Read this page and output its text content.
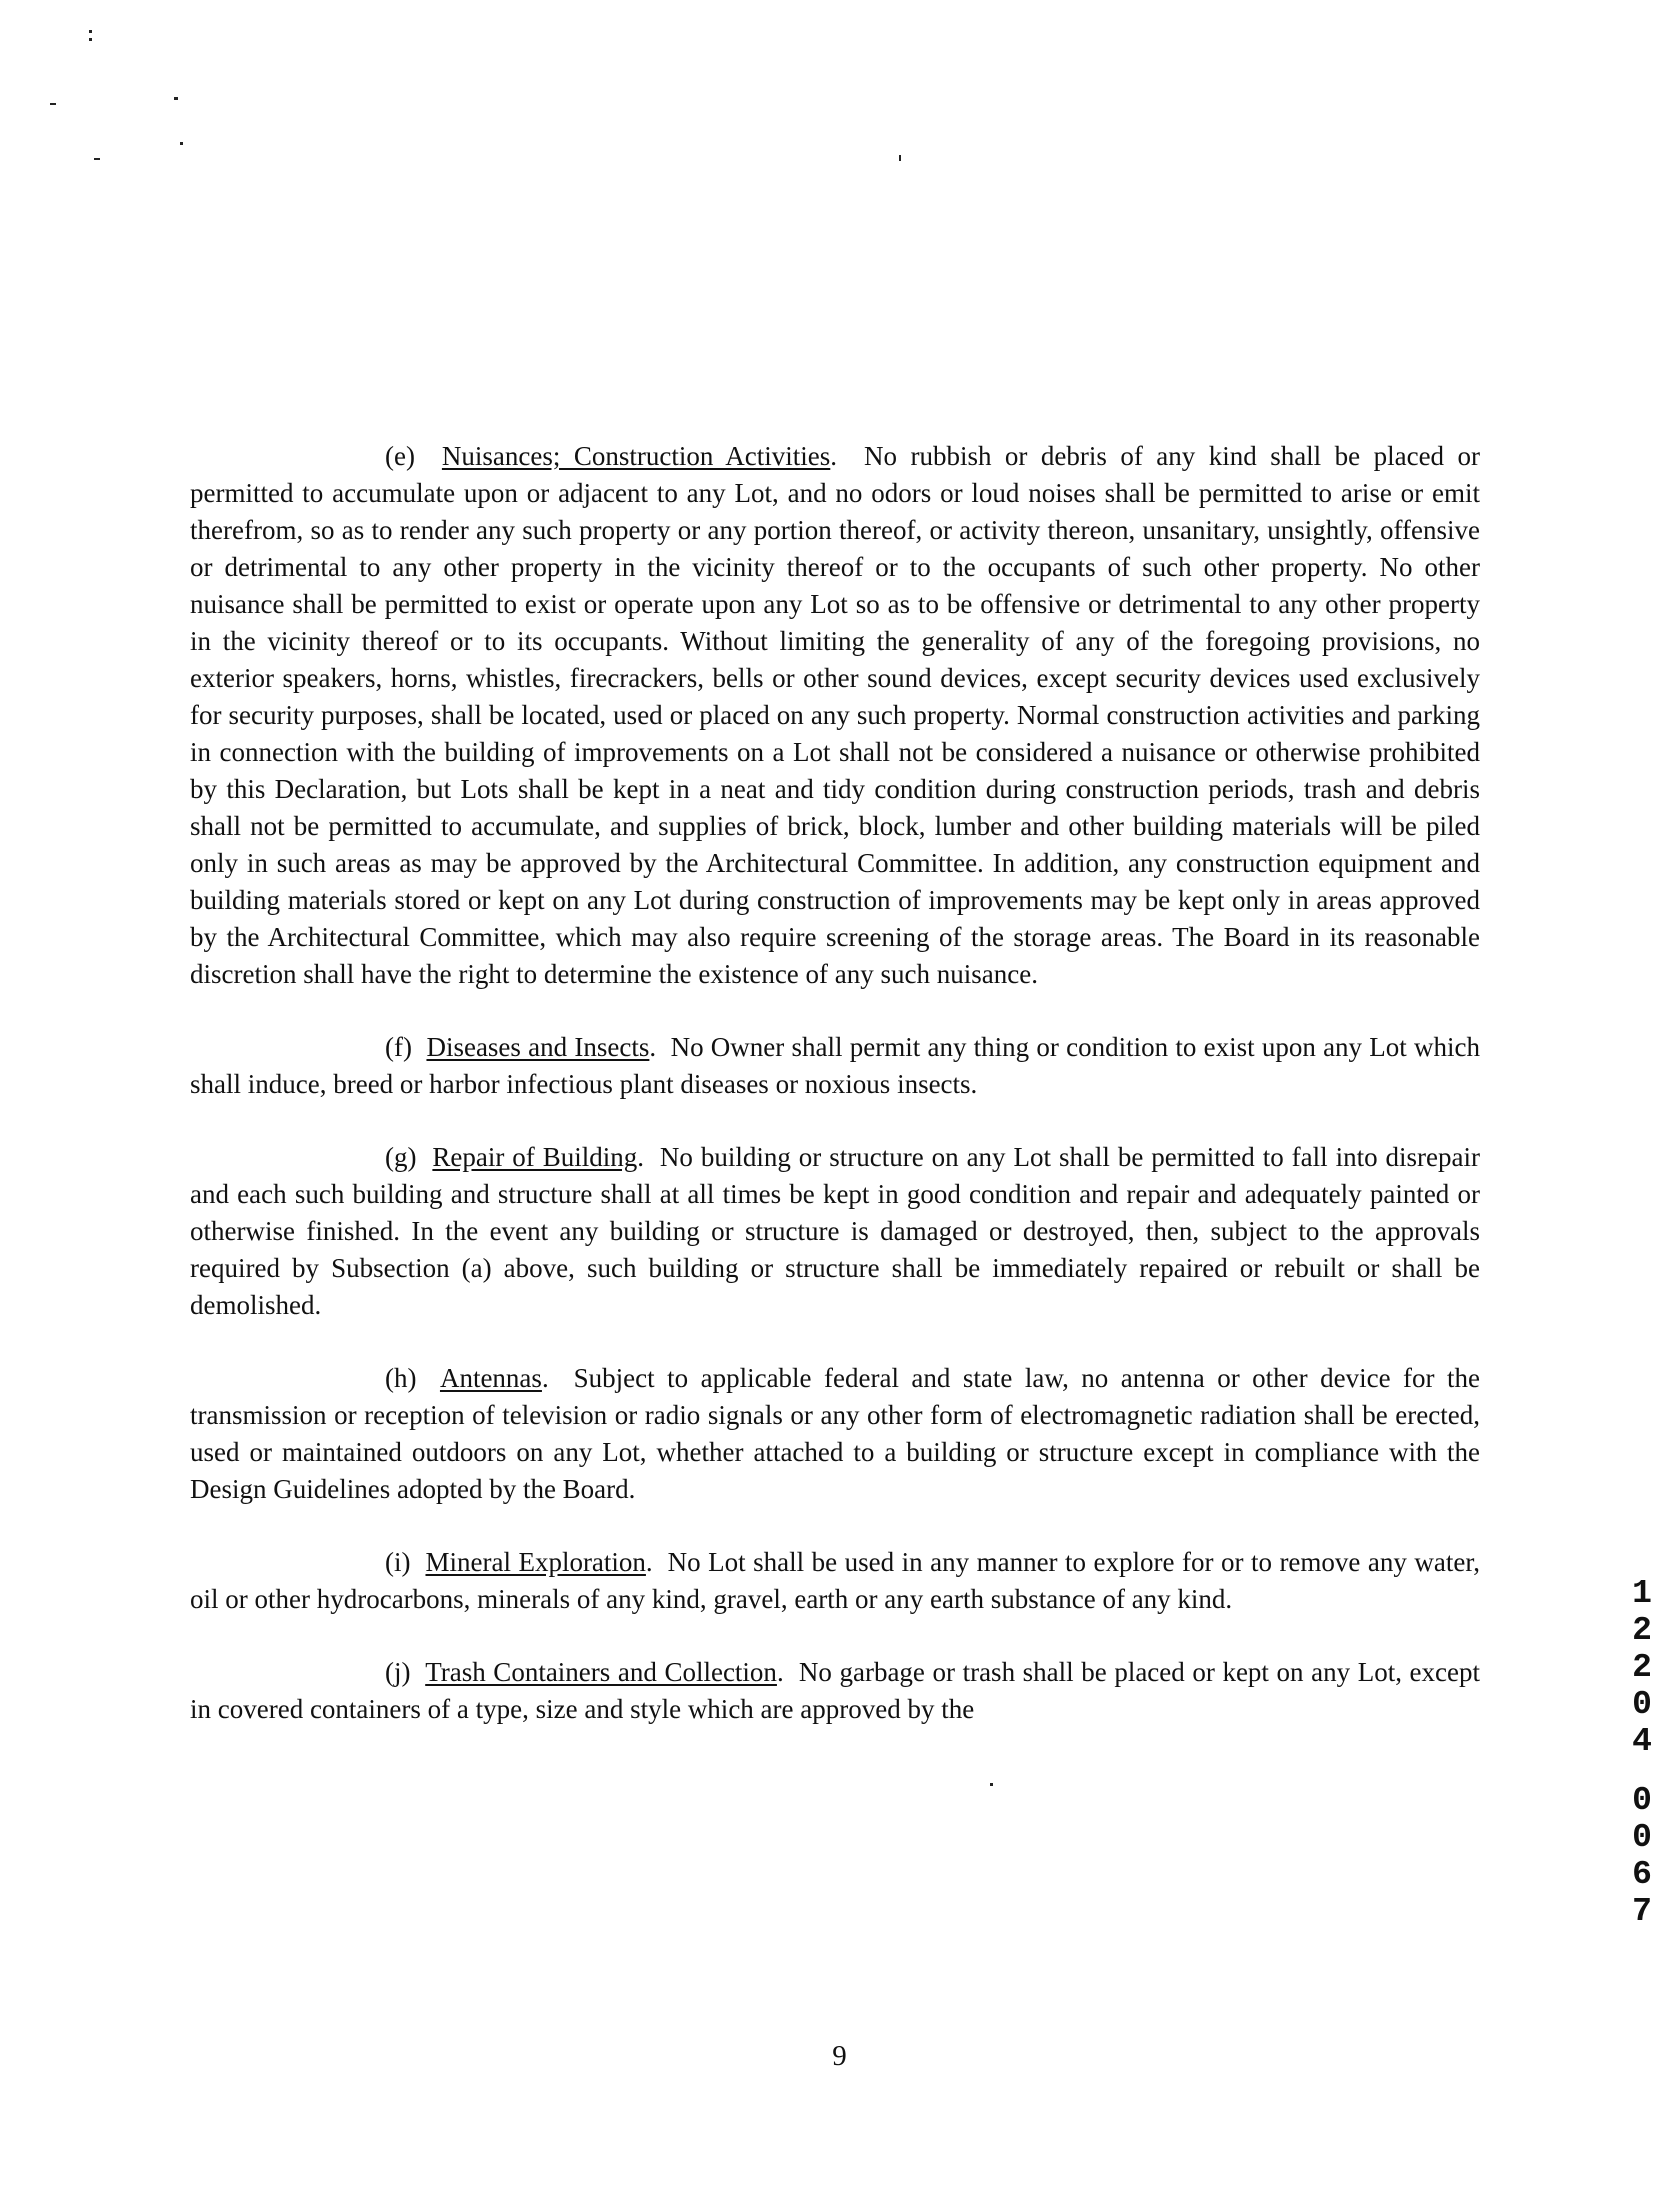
(e) Nuisances; Construction Activities. No rubbish or debris of any kind shall be placed or permitted to accumulate upon or adjacent to any Lot, and no odors or loud noises shall be permitted to arise or emit therefrom, so as to render any such property or any portion thereof, or activity thereon, unsanitary, unsightly, offensive or detrimental to any other property in the vicinity thereof or to the occupants of such other property. No other nuisance shall be permitted to exist or operate upon any Lot so as to be offensive or detrimental to any other property in the vicinity thereof or to its occupants. Without limiting the generality of any of the foregoing provisions, no exterior speakers, horns, whistles, firecrackers, bells or other sound devices, except security devices used exclusively for security purposes, shall be located, used or placed on any such property. Normal construction activities and parking in connection with the building of improvements on a Lot shall not be considered a nuisance or otherwise prohibited by this Declaration, but Lots shall be kept in a neat and tidy condition during construction periods, trash and debris shall not be permitted to accumulate, and supplies of brick, block, lumber and other building materials will be piled only in such areas as may be approved by the Architectural Committee. In addition, any construction equipment and building materials stored or kept on any Lot during construction of improvements may be kept only in areas approved by the Architectural Committee, which may also require screening of the storage areas. The Board in its reasonable discretion shall have the right to determine the existence of any such nuisance.

(f) Diseases and Insects. No Owner shall permit any thing or condition to exist upon any Lot which shall induce, breed or harbor infectious plant diseases or noxious insects.

(g) Repair of Building. No building or structure on any Lot shall be permitted to fall into disrepair and each such building and structure shall at all times be kept in good condition and repair and adequately painted or otherwise finished. In the event any building or structure is damaged or destroyed, then, subject to the approvals required by Subsection (a) above, such building or structure shall be immediately repaired or rebuilt or shall be demolished.

(h) Antennas. Subject to applicable federal and state law, no antenna or other device for the transmission or reception of television or radio signals or any other form of electromagnetic radiation shall be erected, used or maintained outdoors on any Lot, whether attached to a building or structure except in compliance with the Design Guidelines adopted by the Board.

(i) Mineral Exploration. No Lot shall be used in any manner to explore for or to remove any water, oil or other hydrocarbons, minerals of any kind, gravel, earth or any earth substance of any kind.

(j) Trash Containers and Collection. No garbage or trash shall be placed or kept on any Lot, except in covered containers of a type, size and style which are approved by the

9
1
2
2
0
4
0
0
6
7
